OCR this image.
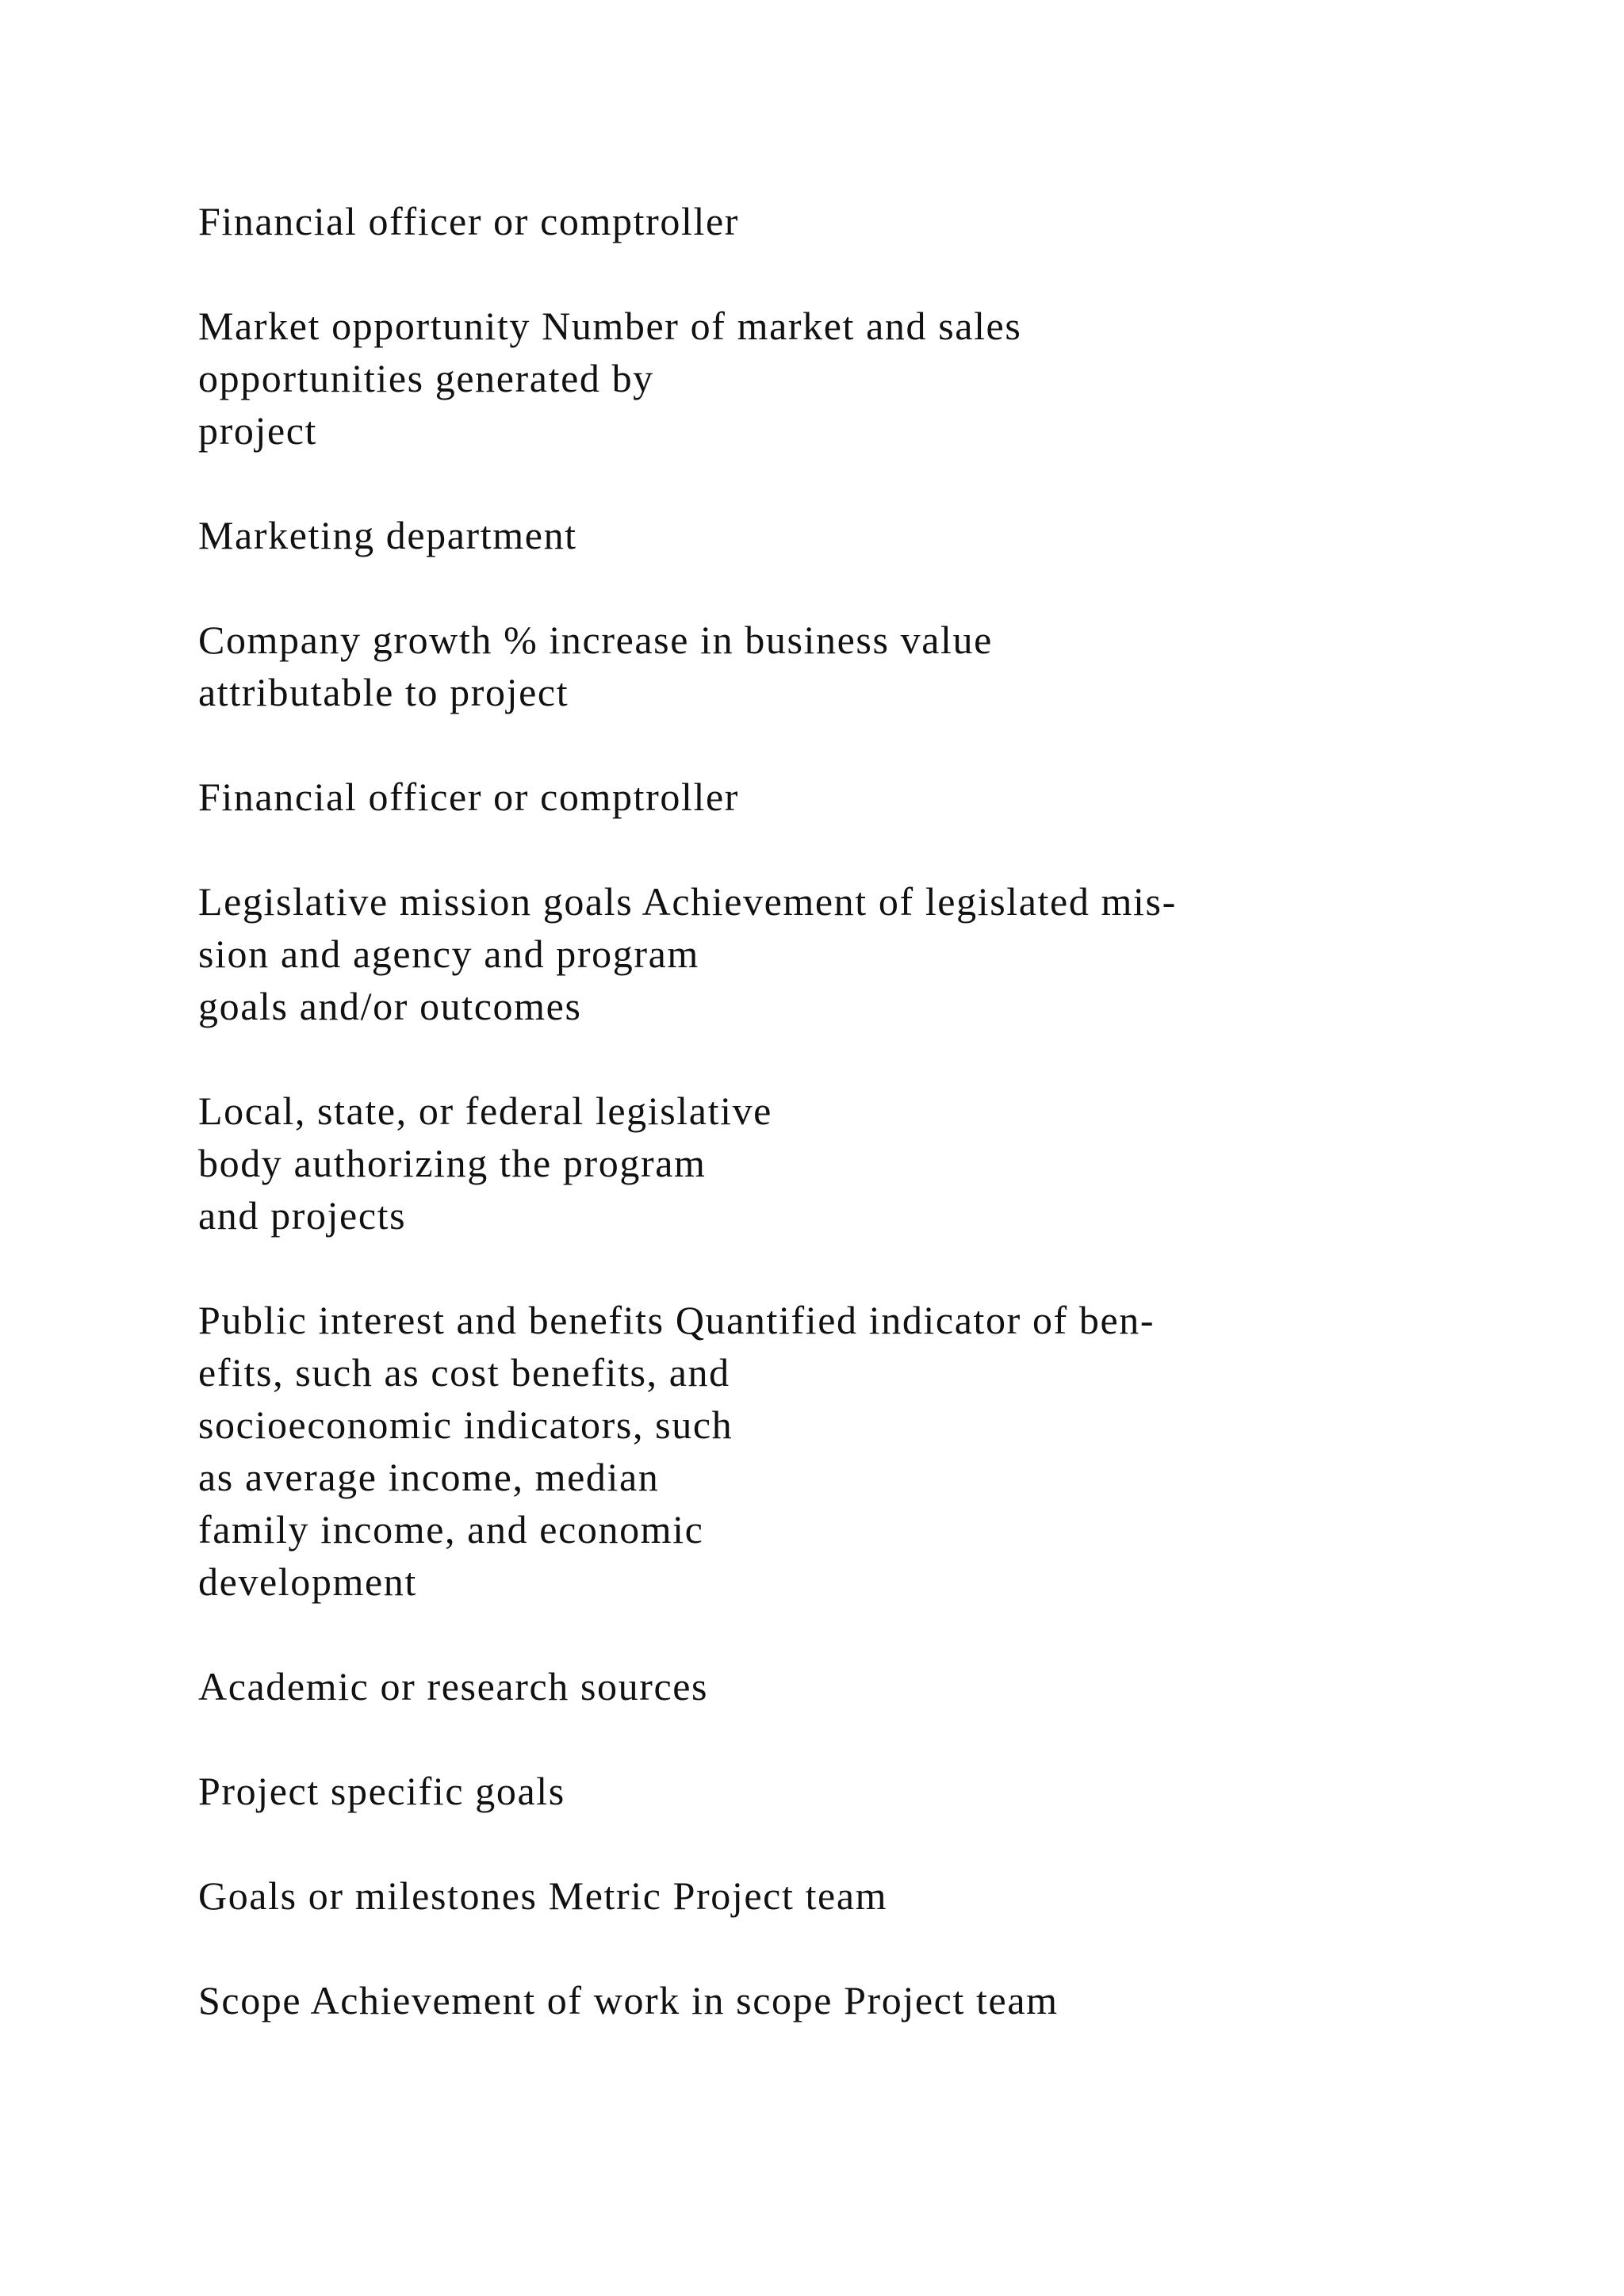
Financial officer or comptroller
Market opportunity Number of market and sales
opportunities generated by
project
Marketing department
Company growth % increase in business value
attributable to project
Financial officer or comptroller
Legislative mission goals Achievement of legislated mis-
sion and agency and program
goals and/or outcomes
Local, state, or federal legislative
body authorizing the program
and projects
Public interest and benefits Quantified indicator of ben-
efits, such as cost benefits, and
socioeconomic indicators, such
as average income, median
family income, and economic
development
Academic or research sources
Project specific goals
Goals or milestones Metric Project team
Scope Achievement of work in scope Project team
